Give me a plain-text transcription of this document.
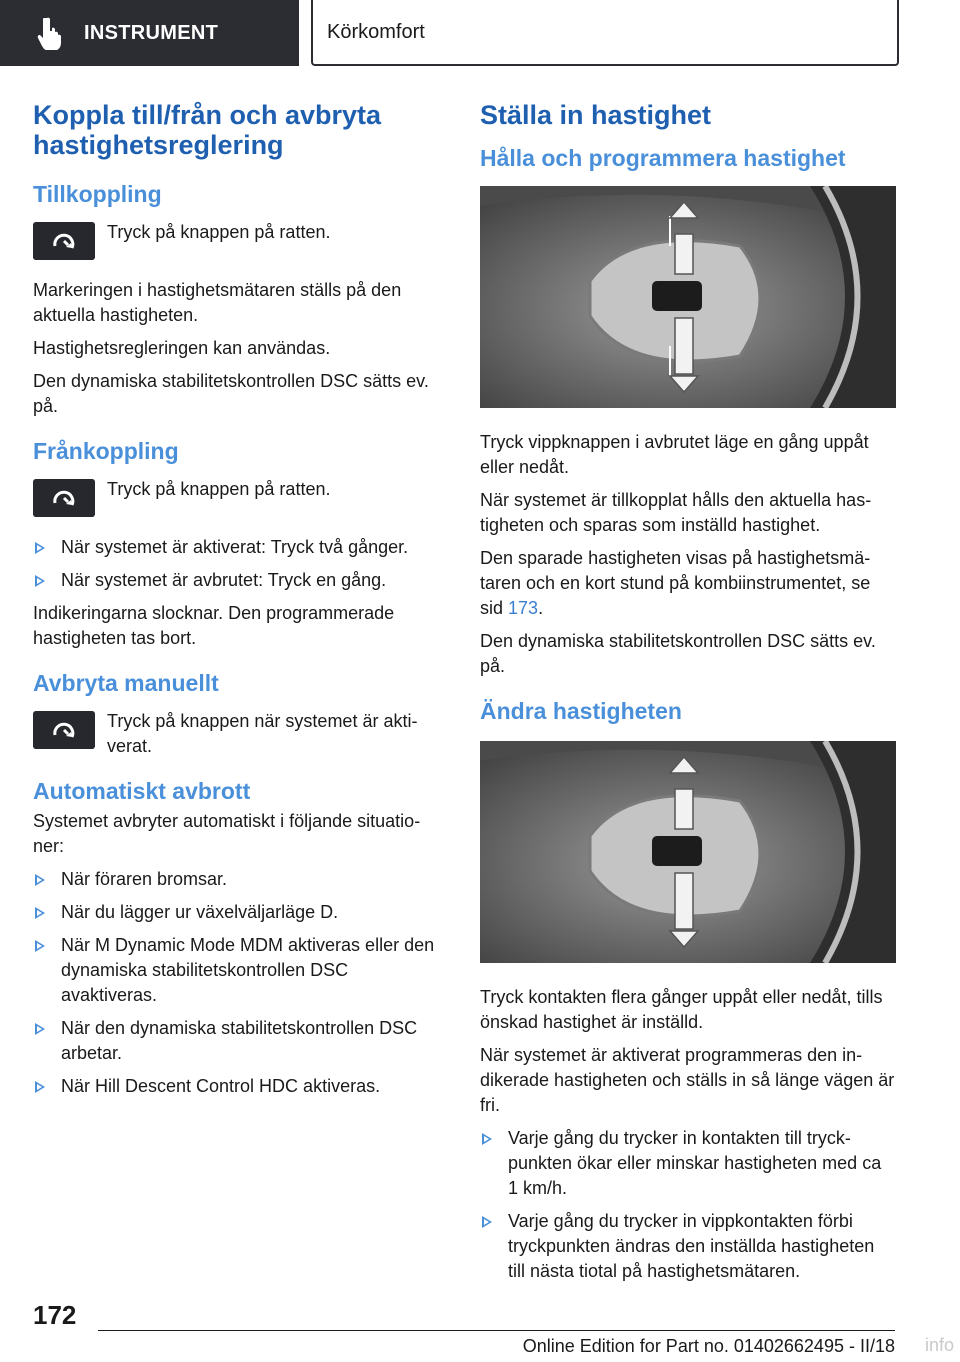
INSTRUMENT	Körkomfort
Koppla till/från och avbryta hastighetsreglering
Tillkoppling
Tryck på knappen på ratten.

Markeringen i hastighetsmätaren ställs på den aktuella hastigheten.

Hastighetsregleringen kan användas.

Den dynamiska stabilitetskontrollen DSC sätts ev. på.

Frånkoppling
Tryck på knappen på ratten.
När systemet är aktiverat: Tryck två gånger.
När systemet är avbrutet: Tryck en gång.

Indikeringarna slocknar. Den programmerade hastigheten tas bort.

Avbryta manuellt
Tryck på knappen när systemet är aktiverat.
Automatiskt avbrott

Systemet avbryter automatiskt i följande situationer:

När föraren bromsar.
När du lägger ur växelväljarläge D.
När M Dynamic Mode MDM aktiveras eller den dynamiska stabilitetskontrollen DSC avaktiveras.
När den dynamiska stabilitetskontrollen DSC arbetar.
När Hill Descent Control HDC aktiveras.
Ställa in hastighet
Hålla och programmera hastighet

Tryck vippknappen i avbrutet läge en gång uppåt eller nedåt.

När systemet är tillkopplat hålls den aktuella hastigheten och sparas som inställd hastighet.

Den sparade hastigheten visas på hastighetsmätaren och en kort stund på kombiinstrumentet, se sid 173.

Den dynamiska stabilitetskontrollen DSC sätts ev. på.

Ändra hastigheten

Tryck kontakten flera gånger uppåt eller nedåt, tills önskad hastighet är inställd.

När systemet är aktiverat programmeras den indikerade hastigheten och ställs in så länge vägen är fri.

Varje gång du trycker in kontakten till tryckpunkten ökar eller minskar hastigheten med ca 1 km/h.
Varje gång du trycker in vippkontakten förbi tryckpunkten ändras den inställda hastigheten till nästa tiotal på hastighetsmätaren.
172
Online Edition for Part no. 01402662495 - II/18 info
